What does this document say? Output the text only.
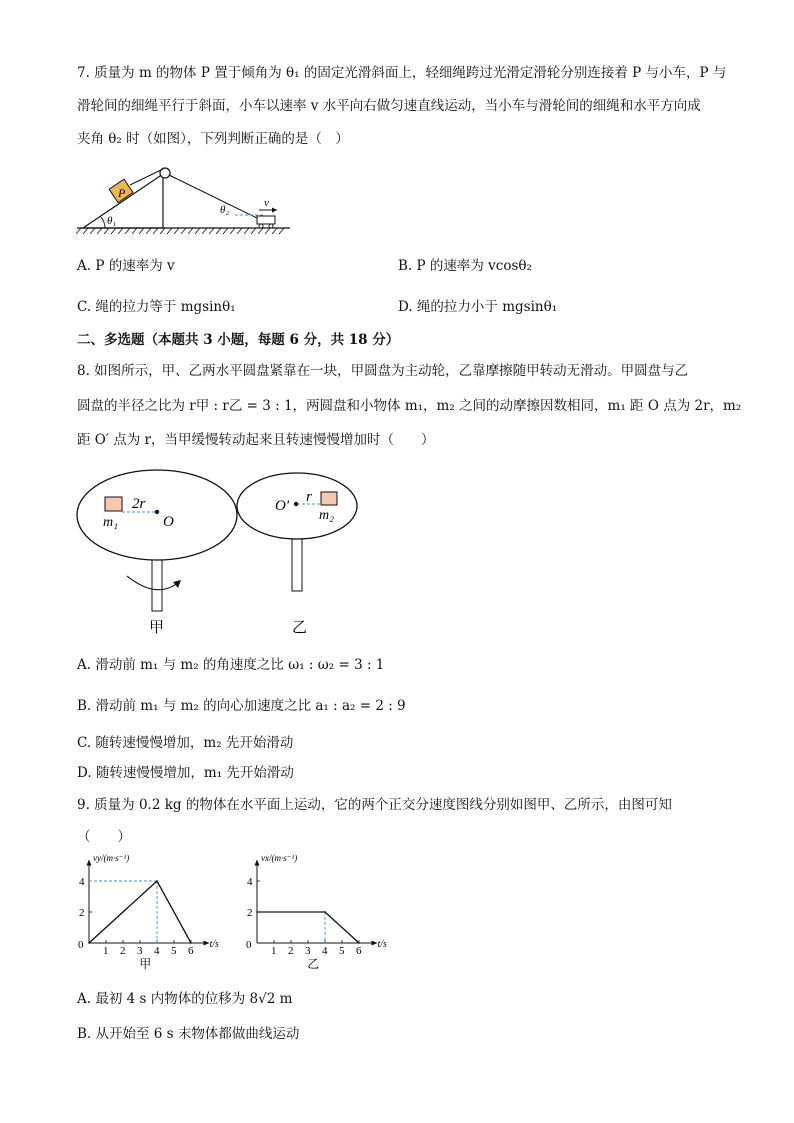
7. 质量为 m 的物体 P 置于倾角为 θ₁ 的固定光滑斜面上，轻细绳跨过光滑定滑轮分别连接着 P 与小车，P 与
滑轮间的细绳平行于斜面，小车以速率 v 水平向右做匀速直线运动，当小车与滑轮间的细绳和水平方向成
夹角 θ₂ 时（如图），下列判断正确的是（　）
P
θ₁
θ₂
v
A. P 的速率为 v	B. P 的速率为 vcosθ₂
C. 绳的拉力等于 mgsinθ₁	D. 绳的拉力小于 mgsinθ₁
二、多选题（本题共 3 小题，每题 6 分，共 18 分）
8. 如图所示，甲、乙两水平圆盘紧靠在一块，甲圆盘为主动轮，乙靠摩擦随甲转动无滑动。甲圆盘与乙
圆盘的半径之比为 r甲 : r乙 = 3 : 1，两圆盘和小物体 m₁，m₂ 之间的动摩擦因数相同，m₁ 距 O 点为 2r，m₂
距 O′ 点为 r，当甲缓慢转动起来且转速慢慢增加时（　　）
2r
m₁	O
r
O′
m₂
甲	乙
A. 滑动前 m₁ 与 m₂ 的角速度之比 ω₁ : ω₂ = 3 : 1
B. 滑动前 m₁ 与 m₂ 的向心加速度之比 a₁ : a₂ = 2 : 9
C. 随转速慢慢增加，m₂ 先开始滑动
D. 随转速慢慢增加，m₁ 先开始滑动
9. 质量为 0.2 kg 的物体在水平面上运动，它的两个正交分速度图线分别如图甲、乙所示，由图可知
（　　）
1 2 3 4 5 6
2
4
0	t/s
vy/(m·s⁻¹)
甲
1 2 3 4 5 6
2
4
0	t/s
vx/(m·s⁻¹)
乙
A. 最初 4 s 内物体的位移为 8√2 m
B. 从开始至 6 s 末物体都做曲线运动
